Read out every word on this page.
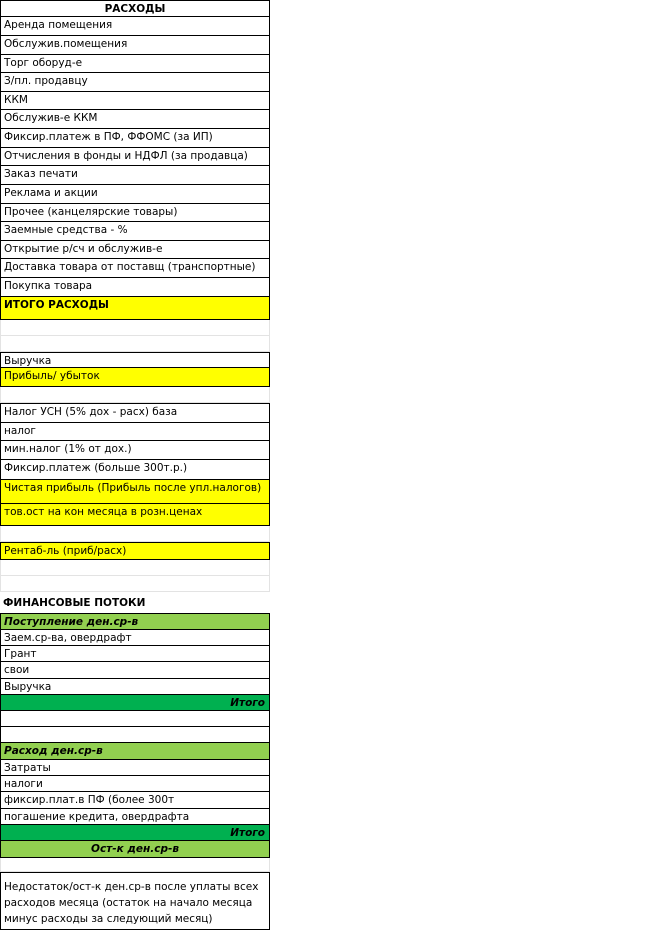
РАСХОДЫ
Аренда помещения
Обслужив.помещения
Торг оборуд-е
З/пл. продавцу
ККМ
Обслужив-е ККМ
Фиксир.платеж в ПФ, ФФОМС (за ИП)
Отчисления в фонды и НДФЛ (за продавца)
Заказ печати
Реклама и акции
Прочее (канцелярские товары)
Заемные средства - %
Открытие р/сч и обслужив-е
Доставка товара от поставщ (транспортные)
Покупка товара
ИТОГО РАСХОДЫ
Выручка
Прибыль/ убыток
Налог УСН (5% дох - расх) база
налог
мин.налог (1% от дох.)
Фиксир.платеж (больше 300т.р.)
Чистая прибыль (Прибыль после упл.налогов)
тов.ост на кон месяца в розн.ценах
Рентаб-ль (приб/расх)
ФИНАНСОВЫЕ ПОТОКИ
Поступление ден.ср-в
Заем.ср-ва, овердрафт
Грант
свои
Выручка
Итого
Расход ден.ср-в
Затраты
налоги
фиксир.плат.в ПФ (более 300т
погашение кредита, овердрафта
Итого
Ост-к ден.ср-в
Недостаток/ост-к ден.ср-в после уплаты всех расходов месяца (остаток на начало месяца минус расходы за следующий месяц)
